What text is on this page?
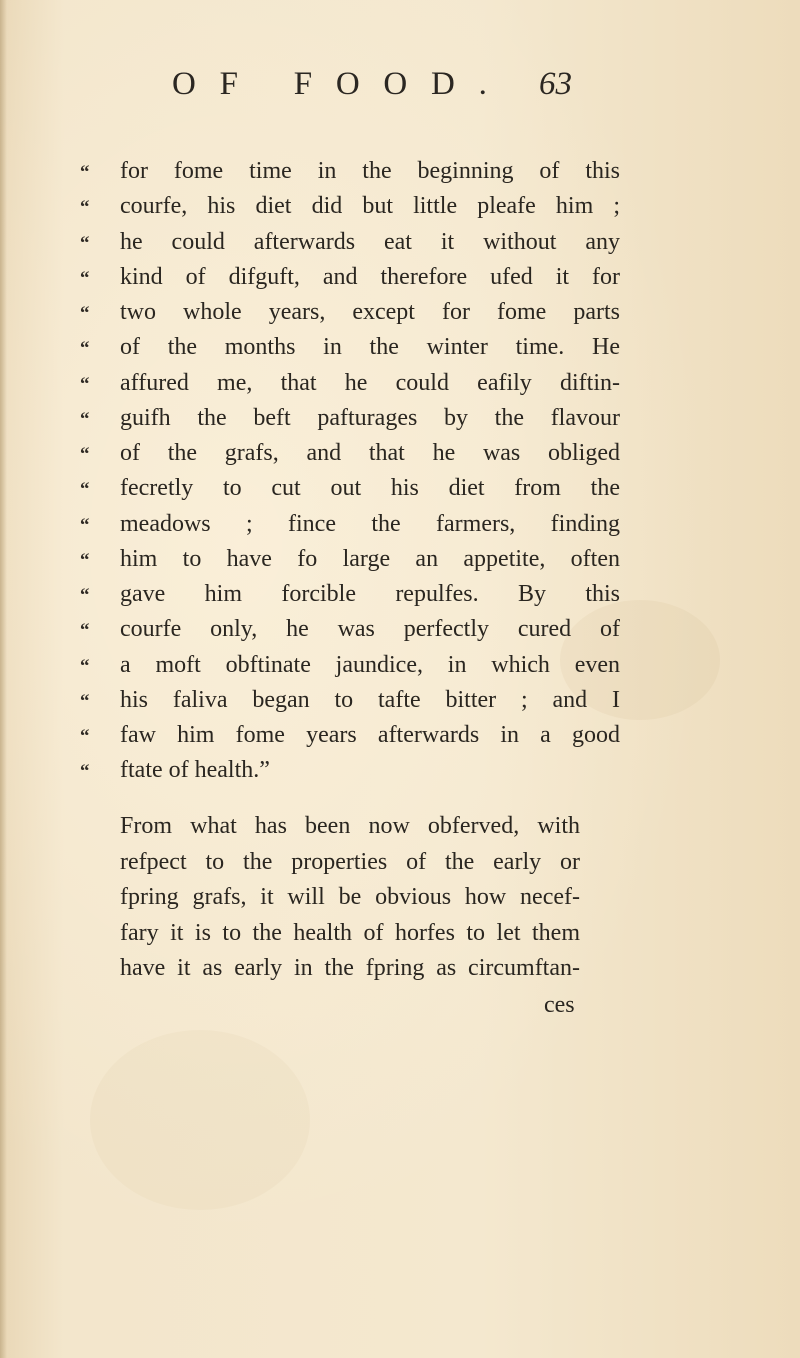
OF FOOD. 63
“	for fome time in the beginning of this
“	courfe, his diet did but little pleafe him ;
“	he could afterwards eat it without any
“	kind of difguft, and therefore ufed it for
“	two whole years, except for fome parts
“	of the months in the winter time. He
“	affured me, that he could eafily diftin-
“	guifh the beft pafturages by the flavour
“	of the grafs, and that he was obliged
“	fecretly to cut out his diet from the
“	meadows ; fince the farmers, finding
“	him to have fo large an appetite, often
“	gave him forcible repulfes. By this
“	courfe only, he was perfectly cured of
“	a moft obftinate jaundice, in which even
“	his faliva began to tafte bitter ; and I
“	faw him fome years afterwards in a good
“	ftate of health.”
From what has been now obferved, with
refpect to the properties of the early or
fpring grafs, it will be obvious how necef-
fary it is to the health of horfes to let them
have it as early in the fpring as circumftan-
ces
